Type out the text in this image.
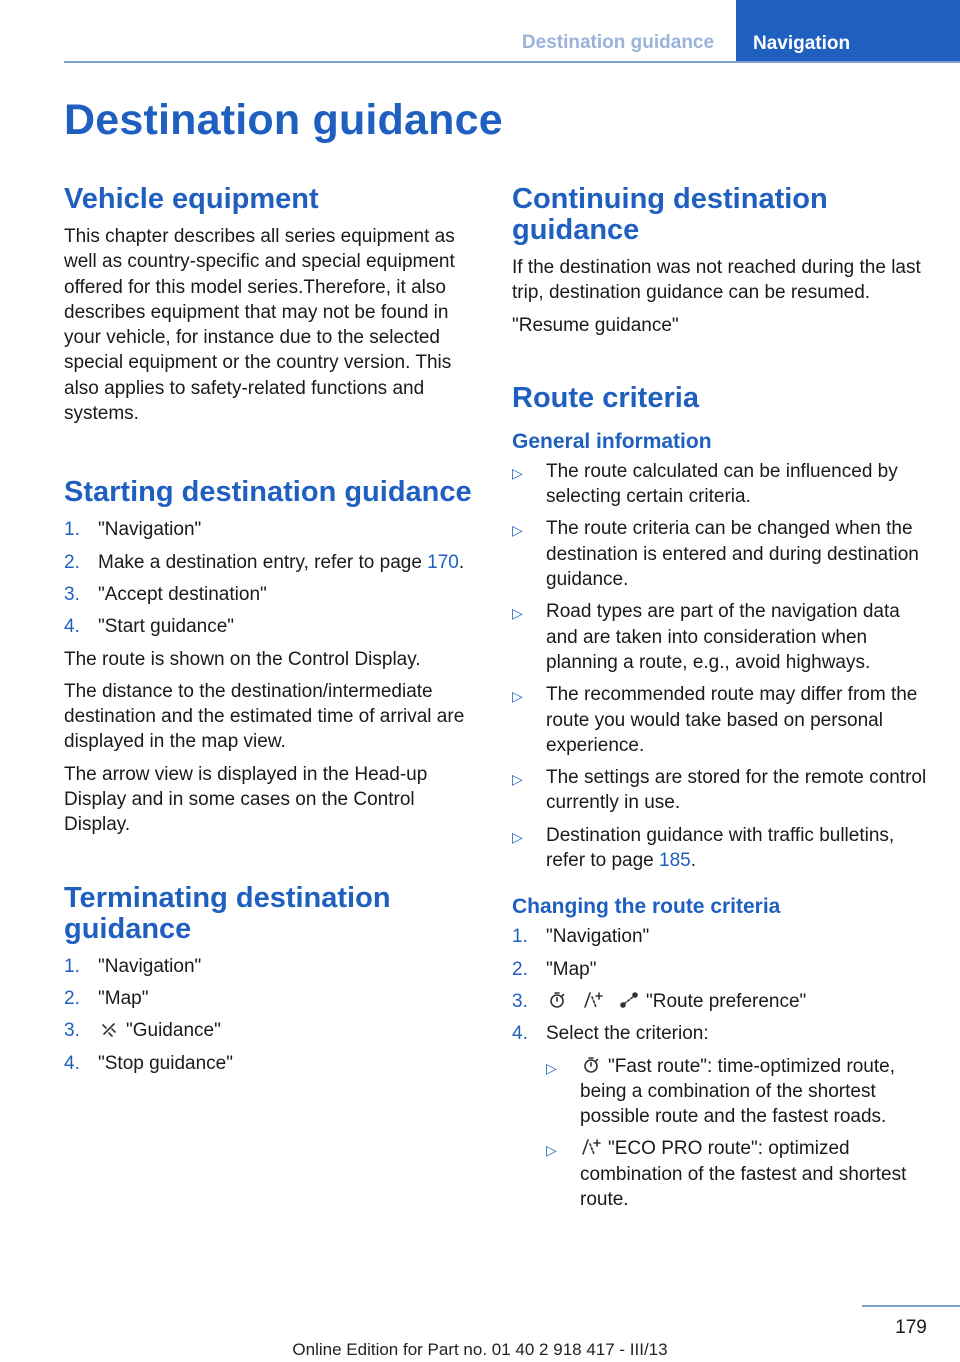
Destination guidance	Navigation
Destination guidance
Vehicle equipment

This chapter describes all series equipment as well as country-specific and special equipment offered for this model series.Therefore, it also describes equipment that may not be found in your vehicle, for instance due to the selected special equipment or the country version. This also applies to safety-related functions and systems.

Starting destination guidance
1. "Navigation"
2. Make a destination entry, refer to page 170.
3. "Accept destination"
4. "Start guidance"

The route is shown on the Control Display.

The distance to the destination/intermediate destination and the estimated time of arrival are displayed in the map view.

The arrow view is displayed in the Head-up Display and in some cases on the Control Display.

Terminating destination guidance
1. "Navigation"
2. "Map"
3.	"Guidance"
4. "Stop guidance"
Continuing destination guidance

If the destination was not reached during the last trip, destination guidance can be resumed.

"Resume guidance"

Route criteria
General information
▷	The route calculated can be influenced by selecting certain criteria.
▷	The route criteria can be changed when the destination is entered and during destination guidance.
▷	Road types are part of the navigation data and are taken into consideration when planning a route, e.g., avoid highways.
▷	The recommended route may differ from the route you would take based on personal experience.
▷	The settings are stored for the remote control currently in use.
▷	Destination guidance with traffic bulletins, refer to page 185.
Changing the route criteria
1. "Navigation"
2. "Map"
3.	"Route preference"
4. Select the criterion:
▷	"Fast route": time-optimized route, being a combination of the shortest possible route and the fastest roads.
▷	"ECO PRO route": optimized combination of the fastest and shortest route.
179
Online Edition for Part no. 01 40 2 918 417 - III/13
